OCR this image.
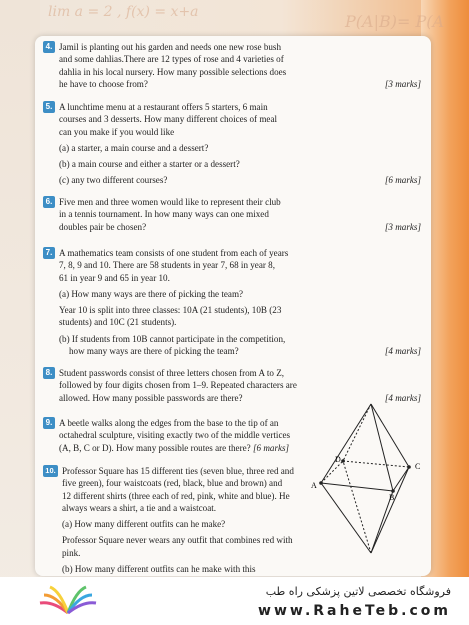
lim a = 2 , f(x) = x+a	P(A|B)= P(A
4. Jamil is planting out his garden and needs one new rose bush
and some dahlias.There are 12 types of rose and 4 varieties of
dahlia in his local nursery. How many possible selections does
he have to choose from?	[3 marks]
5. A lunchtime menu at a restaurant offers 5 starters, 6 main
courses and 3 desserts. How many different choices of meal
can you make if you would like
(a) a starter, a main course and a dessert?
(b) a main course and either a starter or a dessert?
(c) any two different courses?	[6 marks]
6. Five men and three women would like to represent their club
in a tennis tournament. In how many ways can one mixed
doubles pair be chosen?	[3 marks]
7. A mathematics team consists of one student from each of years
7, 8, 9 and 10. There are 58 students in year 7, 68 in year 8,
61 in year 9 and 65 in year 10.
(a) How many ways are there of picking the team?
Year 10 is split into three classes: 10A (21 students), 10B (23
students) and 10C (21 students).
(b) If students from 10B cannot participate in the competition,
how many ways are there of picking the team?	[4 marks]
8. Student passwords consist of three letters chosen from A to Z,
followed by four digits chosen from 1–9. Repeated characters are
allowed. How many possible passwords are there?	[4 marks]
9. A beetle walks along the edges from the base to the tip of an
octahedral sculpture, visiting exactly two of the middle vertices
(A, B, C or D). How many possible routes are there? [6 marks]
10. Professor Square has 15 different ties (seven blue, three red and
five green), four waistcoats (red, black, blue and brown) and
12 different shirts (three each of red, pink, white and blue). He
always wears a shirt, a tie and a waistcoat.
(a) How many different outfits can he make?
Professor Square never wears any outfit that combines red with
pink.
(b) How many different outfits can he make with this
A
B
C
D
فروشگاه تخصصی لاتین پزشکی راه طب
www.RaheTeb.com
